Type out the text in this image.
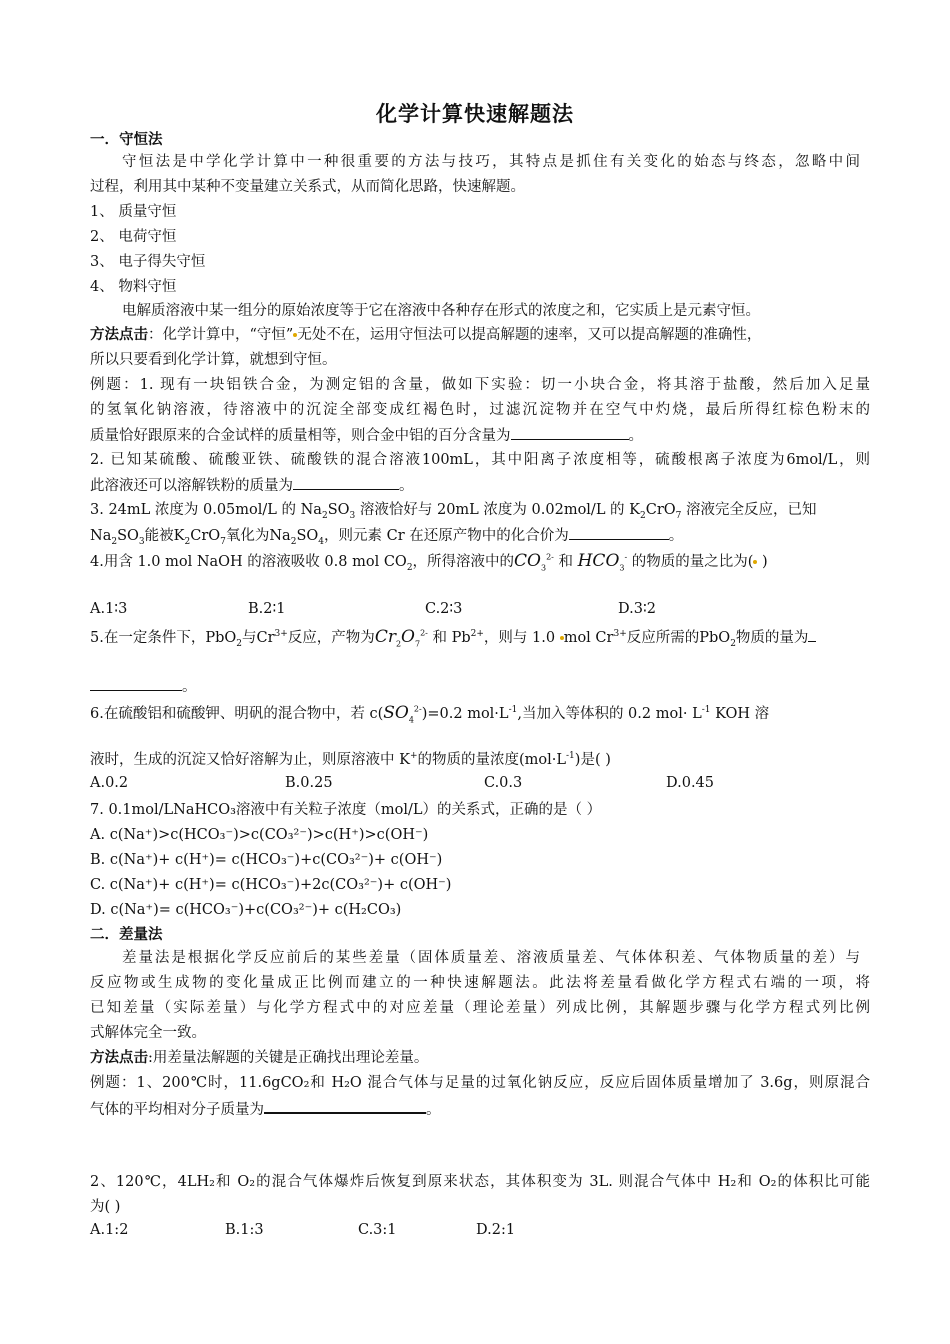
化学计算快速解题法
一．守恒法
守恒法是中学化学计算中一种很重要的方法与技巧，其特点是抓住有关变化的始态与终态，忽略中间
过程，利用其中某种不变量建立关系式，从而简化思路，快速解题。
1、 质量守恒
2、 电荷守恒
3、 电子得失守恒
4、 物料守恒
电解质溶液中某一组分的原始浓度等于它在溶液中各种存在形式的浓度之和，它实质上是元素守恒。
方法点击：化学计算中，“守恒” 无处不在，运用守恒法可以提高解题的速率，又可以提高解题的准确性，
所以只要看到化学计算，就想到守恒。
例题：1. 现有一块铝铁合金，为测定铝的含量，做如下实验：切一小块合金，将其溶于盐酸，然后加入足量
的氢氧化钠溶液，待溶液中的沉淀全部变成红褐色时，过滤沉淀物并在空气中灼烧，最后所得红棕色粉末的
质量恰好跟原来的合金试样的质量相等，则合金中铝的百分含量为	。
2. 已知某硫酸、硫酸亚铁、硫酸铁的混合溶液100mL，其中阳离子浓度相等，硫酸根离子浓度为6mol/L，则
此溶液还可以溶解铁粉的质量为	。
3. 24mL 浓度为 0.05mol/L 的 $Na_2SO_3$ 溶液恰好与 20mL 浓度为 0.02mol/L 的 $K_2CrO_7$ 溶液完全反应，已知
$Na_2SO_3$能被$K_2CrO_7$氧化为$Na_2SO_4$，则元素 Cr 在还原产物中的化合价为	。
4.用含 1.0 mol NaOH 的溶液吸收 0.8 mol $CO_2$，所得溶液中的$CO_3^{2-}$ 和 $HCO_3^-$ 的物质的量之比为( )
A.1∶3	B.2∶1	C.2∶3	D.3∶2
5.在一定条件下，PbO$_2$与$Cr^{3+}$反应，产物为$Cr_2O_7^{2-}$ 和 $Pb^{2+}$，则与 1.0 mol $Cr^{3+}$反应所需的PbO$_2$物质的量为
。
6.在硫酸铝和硫酸钾、明矾的混合物中，若 $c(SO_4^{2-})=0.2$ $mol\cdot L^{-1}$,当加入等体积的 0.2 $mol\cdot L^{-1}$ KOH 溶
液时，生成的沉淀又恰好溶解为止，则原溶液中 K+的物质的量浓度$(mol\cdot L^{-1})$是( )
A.0.2	B.0.25	C.0.3	D.0.45
7. 0.1mol/LNaHCO₃溶液中有关粒子浓度（mol/L）的关系式，正确的是（ ）
A. c(Na⁺)>c(HCO₃⁻)>c(CO₃²⁻)>c(H⁺)>c(OH⁻)
B. c(Na⁺)+ c(H⁺)= c(HCO₃⁻)+c(CO₃²⁻)+ c(OH⁻)
C. c(Na⁺)+ c(H⁺)= c(HCO₃⁻)+2c(CO₃²⁻)+ c(OH⁻)
D. c(Na⁺)= c(HCO₃⁻)+c(CO₃²⁻)+ c(H₂CO₃)
二．差量法
差量法是根据化学反应前后的某些差量（固体质量差、溶液质量差、气体体积差、气体物质量的差）与
反应物或生成物的变化量成正比例而建立的一种快速解题法。此法将差量看做化学方程式右端的一项，将
已知差量（实际差量）与化学方程式中的对应差量（理论差量）列成比例，其解题步骤与化学方程式列比例
式解体完全一致。
方法点击:用差量法解题的关键是正确找出理论差量。
例题：1、200℃时，11.6gCO₂和 H₂O 混合气体与足量的过氧化钠反应，反应后固体质量增加了 3.6g，则原混合
气体的平均相对分子质量为	。
2、120℃，4LH₂和 O₂的混合气体爆炸后恢复到原来状态，其体积变为 3L. 则混合气体中 H₂和 O₂的体积比可能
为( )
A.1:2	B.1:3	C.3:1	D.2:1
